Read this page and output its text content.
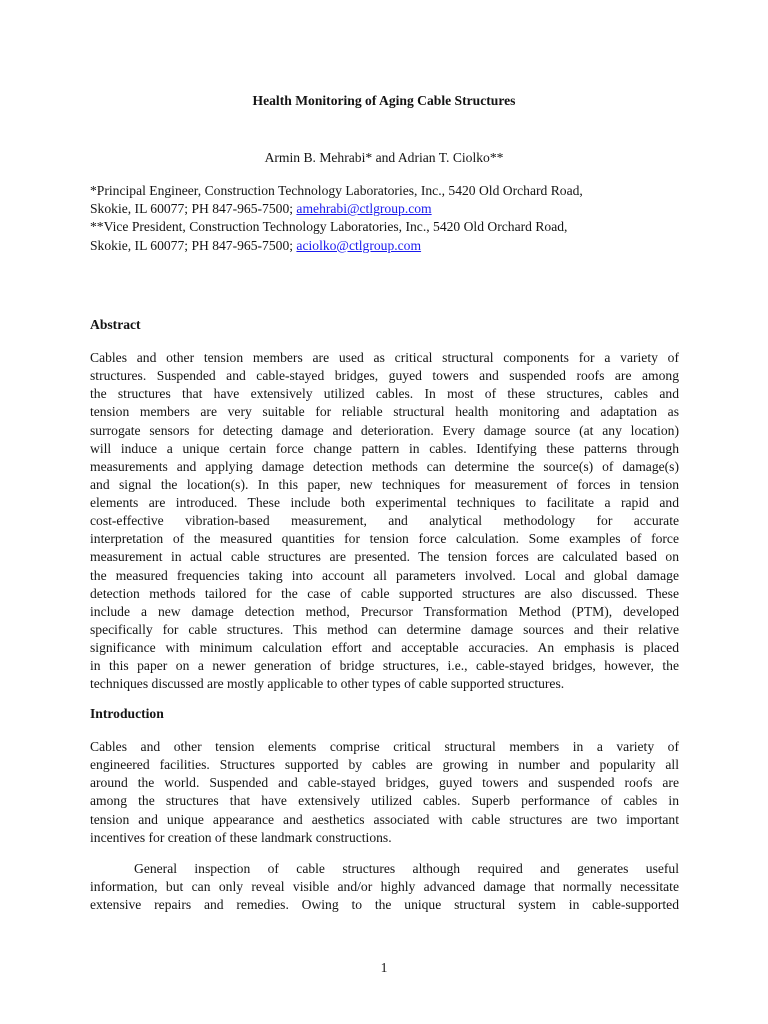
Health Monitoring of Aging Cable Structures
Armin B. Mehrabi* and Adrian T. Ciolko**
*Principal Engineer, Construction Technology Laboratories, Inc., 5420 Old Orchard Road,
Skokie, IL 60077; PH 847-965-7500; amehrabi@ctlgroup.com
**Vice President, Construction Technology Laboratories, Inc., 5420 Old Orchard Road,
Skokie, IL 60077; PH 847-965-7500; aciolko@ctlgroup.com
Abstract
Cables and other tension members are used as critical structural components for a variety of
structures. Suspended and cable-stayed bridges, guyed towers and suspended roofs are among
the structures that have extensively utilized cables. In most of these structures, cables and
tension members are very suitable for reliable structural health monitoring and adaptation as
surrogate sensors for detecting damage and deterioration. Every damage source (at any location)
will induce a unique certain force change pattern in cables. Identifying these patterns through
measurements and applying damage detection methods can determine the source(s) of damage(s)
and signal the location(s). In this paper, new techniques for measurement of forces in tension
elements are introduced. These include both experimental techniques to facilitate a rapid and
cost-effective vibration-based measurement, and analytical methodology for accurate
interpretation of the measured quantities for tension force calculation. Some examples of force
measurement in actual cable structures are presented. The tension forces are calculated based on
the measured frequencies taking into account all parameters involved. Local and global damage
detection methods tailored for the case of cable supported structures are also discussed. These
include a new damage detection method, Precursor Transformation Method (PTM), developed
specifically for cable structures. This method can determine damage sources and their relative
significance with minimum calculation effort and acceptable accuracies. An emphasis is placed
in this paper on a newer generation of bridge structures, i.e., cable-stayed bridges, however, the
techniques discussed are mostly applicable to other types of cable supported structures.
Introduction
Cables and other tension elements comprise critical structural members in a variety of
engineered facilities. Structures supported by cables are growing in number and popularity all
around the world. Suspended and cable-stayed bridges, guyed towers and suspended roofs are
among the structures that have extensively utilized cables. Superb performance of cables in
tension and unique appearance and aesthetics associated with cable structures are two important
incentives for creation of these landmark constructions.
General inspection of cable structures although required and generates useful
information, but can only reveal visible and/or highly advanced damage that normally necessitate
extensive repairs and remedies. Owing to the unique structural system in cable-supported
1
